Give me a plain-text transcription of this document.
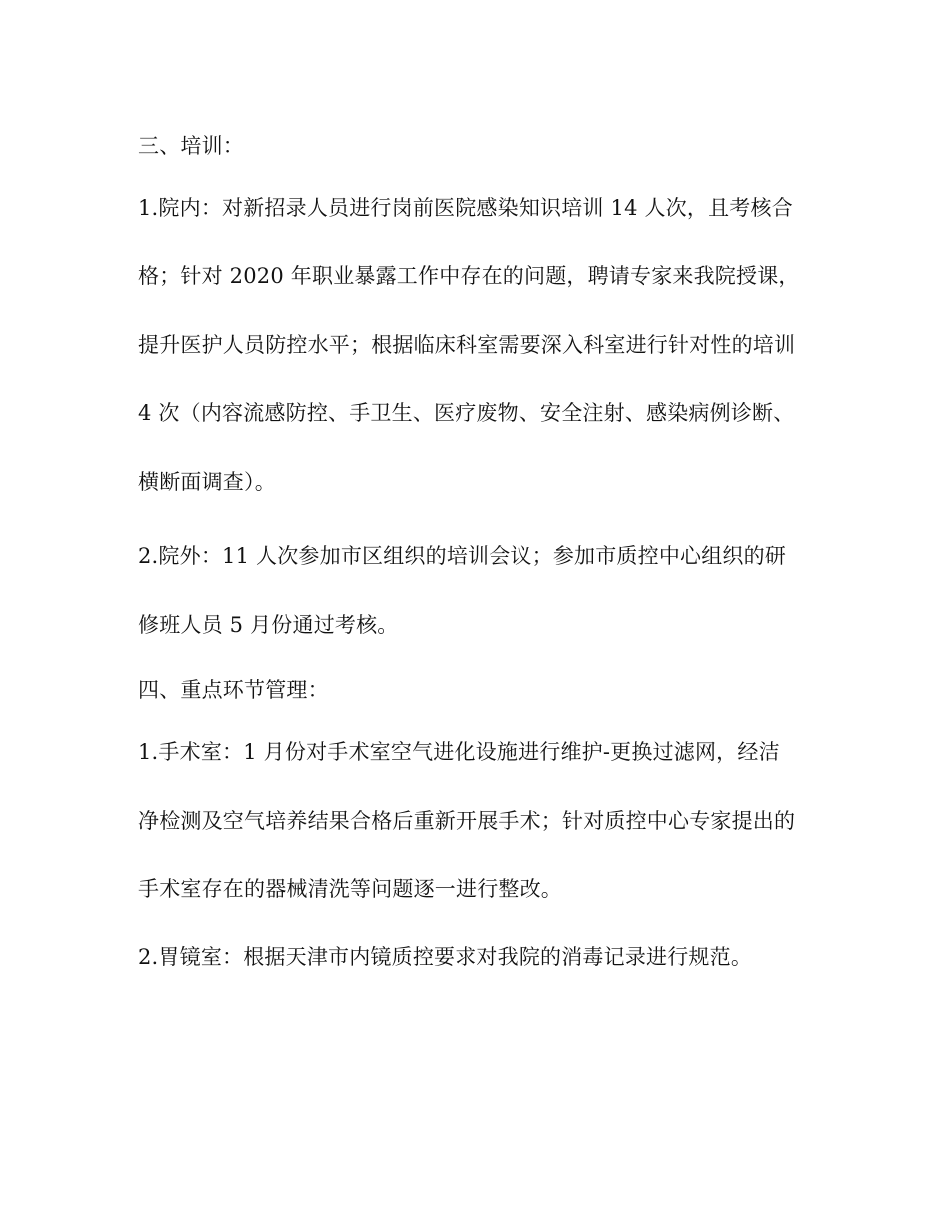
三、培训：
1.院内：对新招录人员进行岗前医院感染知识培训 14 人次，且考核合
格；针对 2020 年职业暴露工作中存在的问题，聘请专家来我院授课，
提升医护人员防控水平；根据临床科室需要深入科室进行针对性的培训
4 次（内容流感防控、手卫生、医疗废物、安全注射、感染病例诊断、
横断面调查）。
2.院外：11 人次参加市区组织的培训会议；参加市质控中心组织的研
修班人员 5 月份通过考核。
四、重点环节管理：
1.手术室：1 月份对手术室空气进化设施进行维护-更换过滤网，经洁
净检测及空气培养结果合格后重新开展手术；针对质控中心专家提出的
手术室存在的器械清洗等问题逐一进行整改。
2.胃镜室：根据天津市内镜质控要求对我院的消毒记录进行规范。
